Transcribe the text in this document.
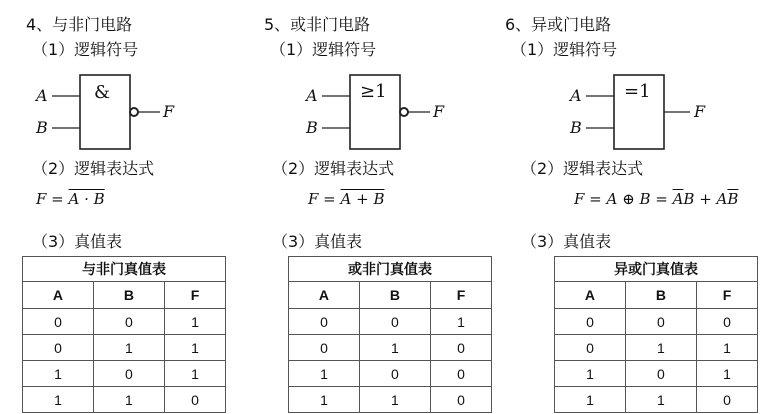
4、与非门电路
（1）逻辑符号
&
A
B
F
（2）逻辑表达式
F = A · B
（3）真值表
与非门真值表		
A	B	F
0	0	1
0	1	1
1	0	1
1	1	0
5、或非门电路
（1）逻辑符号
≥1
A
B
F
（2）逻辑表达式
F = A + B
（3）真值表
或非门真值表		
A	B	F
0	0	1
0	1	0
1	0	0
1	1	0
6、异或门电路
（1）逻辑符号
=1
A
B
F
（2）逻辑表达式
F = A ⊕ $B = \overline{A}B + A\overline{B}$
（3）真值表
异或门真值表		
A	B	F
0	0	0
0	1	1
1	0	1
1	1	0
